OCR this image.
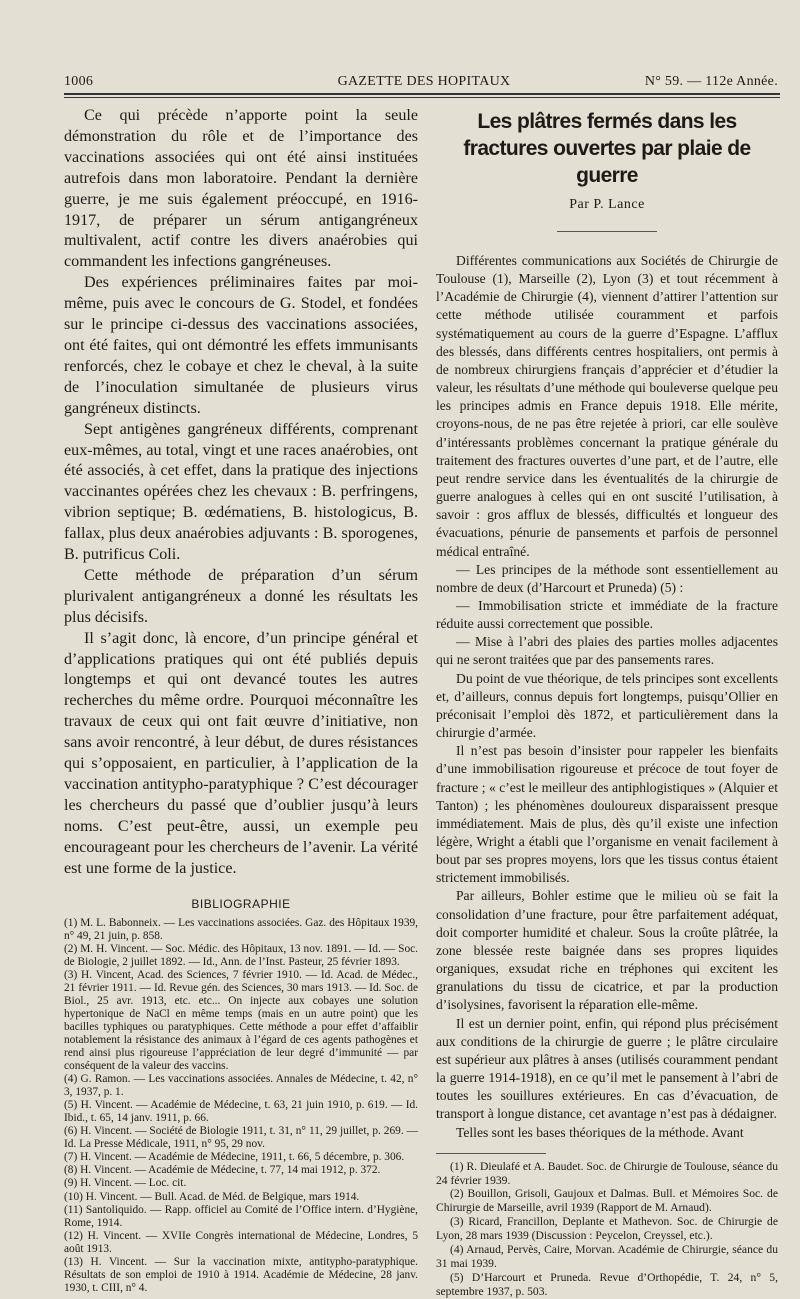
1006	GAZETTE DES HOPITAUX	N° 59. — 112e Année.

Ce qui précède n’apporte point la seule démonstration du rôle et de l’importance des vaccinations associées qui ont été ainsi instituées autrefois dans mon laboratoire. Pendant la dernière guerre, je me suis également préoccupé, en 1916-1917, de préparer un sérum antigangréneux multivalent, actif contre les divers anaérobies qui commandent les infections gangréneuses.

Des expériences préliminaires faites par moi-même, puis avec le concours de G. Stodel, et fondées sur le principe ci-dessus des vaccinations associées, ont été faites, qui ont démontré les effets immunisants renforcés, chez le cobaye et chez le cheval, à la suite de l’inoculation simultanée de plusieurs virus gangréneux distincts.

Sept antigènes gangréneux différents, comprenant eux-mêmes, au total, vingt et une races anaérobies, ont été associés, à cet effet, dans la pratique des injections vaccinantes opérées chez les chevaux : B. perfringens, vibrion septique; B. œdématiens, B. histologicus, B. fallax, plus deux anaérobies adjuvants : B. sporogenes, B. putrificus Coli.

Cette méthode de préparation d’un sérum plurivalent antigangréneux a donné les résultats les plus décisifs.

Il s’agit donc, là encore, d’un principe général et d’applications pratiques qui ont été publiés depuis longtemps et qui ont devancé toutes les autres recherches du même ordre. Pourquoi méconnaître les travaux de ceux qui ont fait œuvre d’initiative, non sans avoir rencontré, à leur début, de dures résistances qui s’opposaient, en particulier, à l’application de la vaccination antitypho-paratyphique ? C’est décourager les chercheurs du passé que d’oublier jusqu’à leurs noms. C’est peut-être, aussi, un exemple peu encourageant pour les chercheurs de l’avenir. La vérité est une forme de la justice.

BIBLIOGRAPHIE

(1) M. L. Babonneix. — Les vaccinations associées. Gaz. des Hôpitaux 1939, n° 49, 21 juin, p. 858.

(2) M. H. Vincent. — Soc. Médic. des Hôpitaux, 13 nov. 1891. — Id. — Soc. de Biologie, 2 juillet 1892. — Id., Ann. de l’Inst. Pasteur, 25 février 1893.

(3) H. Vincent, Acad. des Sciences, 7 février 1910. — Id. Acad. de Médec., 21 février 1911. — Id. Revue gén. des Sciences, 30 mars 1913. — Id. Soc. de Biol., 25 avr. 1913, etc. etc... On injecte aux cobayes une solution hypertonique de NaCl en même temps (mais en un autre point) que les bacilles typhiques ou paratyphiques. Cette méthode a pour effet d’affaiblir notablement la résistance des animaux à l’égard de ces agents pathogènes et rend ainsi plus rigoureuse l’appréciation de leur degré d’immunité — par conséquent de la valeur des vaccins.

(4) G. Ramon. — Les vaccinations associées. Annales de Médecine, t. 42, n° 3, 1937, p. 1.

(5) H. Vincent. — Académie de Médecine, t. 63, 21 juin 1910, p. 619. — Id. Ibid., t. 65, 14 janv. 1911, p. 66.

(6) H. Vincent. — Société de Biologie 1911, t. 31, n° 11, 29 juillet, p. 269. — Id. La Presse Médicale, 1911, n° 95, 29 nov.

(7) H. Vincent. — Académie de Médecine, 1911, t. 66, 5 décembre, p. 306.

(8) H. Vincent. — Académie de Médecine, t. 77, 14 mai 1912, p. 372.

(9) H. Vincent. — Loc. cit.

(10) H. Vincent. — Bull. Acad. de Méd. de Belgique, mars 1914.

(11) Santoliquido. — Rapp. officiel au Comité de l’Office intern. d’Hygiène, Rome, 1914.

(12) H. Vincent. — XVIIe Congrès international de Médecine, Londres, 5 août 1913.

(13) H. Vincent. — Sur la vaccination mixte, antitypho-paratyphique. Résultats de son emploi de 1910 à 1914. Académie de Médecine, 28 janv. 1930, t. CIII, n° 4.

Les plâtres fermés dans les fractures ouvertes par plaie de guerre
Par P. Lance

Différentes communications aux Sociétés de Chirurgie de Toulouse (1), Marseille (2), Lyon (3) et tout récemment à l’Académie de Chirurgie (4), viennent d’attirer l’attention sur cette méthode utilisée couramment et parfois systématiquement au cours de la guerre d’Espagne. L’afflux des blessés, dans différents centres hospitaliers, ont permis à de nombreux chirurgiens français d’apprécier et d’étudier la valeur, les résultats d’une méthode qui bouleverse quelque peu les principes admis en France depuis 1918. Elle mérite, croyons-nous, de ne pas être rejetée à priori, car elle soulève d’intéressants problèmes concernant la pratique générale du traitement des fractures ouvertes d’une part, et de l’autre, elle peut rendre service dans les éventualités de la chirurgie de guerre analogues à celles qui en ont suscité l’utilisation, à savoir : gros afflux de blessés, difficultés et longueur des évacuations, pénurie de pansements et parfois de personnel médical entraîné.

— Les principes de la méthode sont essentiellement au nombre de deux (d’Harcourt et Pruneda) (5) :

— Immobilisation stricte et immédiate de la fracture réduite aussi correctement que possible.

— Mise à l’abri des plaies des parties molles adjacentes qui ne seront traitées que par des pansements rares.

Du point de vue théorique, de tels principes sont excellents et, d’ailleurs, connus depuis fort longtemps, puisqu’Ollier en préconisait l’emploi dès 1872, et particulièrement dans la chirurgie d’armée.

Il n’est pas besoin d’insister pour rappeler les bienfaits d’une immobilisation rigoureuse et précoce de tout foyer de fracture ; « c’est le meilleur des antiphlogistiques » (Alquier et Tanton) ; les phénomènes douloureux disparaissent presque immédiatement. Mais de plus, dès qu’il existe une infection légère, Wright a établi que l’organisme en venait facilement à bout par ses propres moyens, lors que les tissus contus étaient strictement immobilisés.

Par ailleurs, Bohler estime que le milieu où se fait la consolidation d’une fracture, pour être parfaitement adéquat, doit comporter humidité et chaleur. Sous la croûte plâtrée, la zone blessée reste baignée dans ses propres liquides organiques, exsudat riche en tréphones qui excitent les granulations du tissu de cicatrice, et par la production d’isolysines, favorisent la réparation elle-même.

Il est un dernier point, enfin, qui répond plus précisément aux conditions de la chirurgie de guerre ; le plâtre circulaire est supérieur aux plâtres à anses (utilisés couramment pendant la guerre 1914-1918), en ce qu’il met le pansement à l’abri de toutes les souillures extérieures. En cas d’évacuation, de transport à longue distance, cet avantage n’est pas à dédaigner.

Telles sont les bases théoriques de la méthode. Avant

(1) R. Dieulafé et A. Baudet. Soc. de Chirurgie de Toulouse, séance du 24 février 1939.

(2) Bouillon, Grisoli, Gaujoux et Dalmas. Bull. et Mémoires Soc. de Chirurgie de Marseille, avril 1939 (Rapport de M. Arnaud).

(3) Ricard, Francillon, Deplante et Mathevon. Soc. de Chirurgie de Lyon, 28 mars 1939 (Discussion : Peycelon, Creyssel, etc.).

(4) Arnaud, Pervès, Caire, Morvan. Académie de Chirurgie, séance du 31 mai 1939.

(5) D’Harcourt et Pruneda. Revue d’Orthopédie, T. 24, n° 5, septembre 1937, p. 503.
